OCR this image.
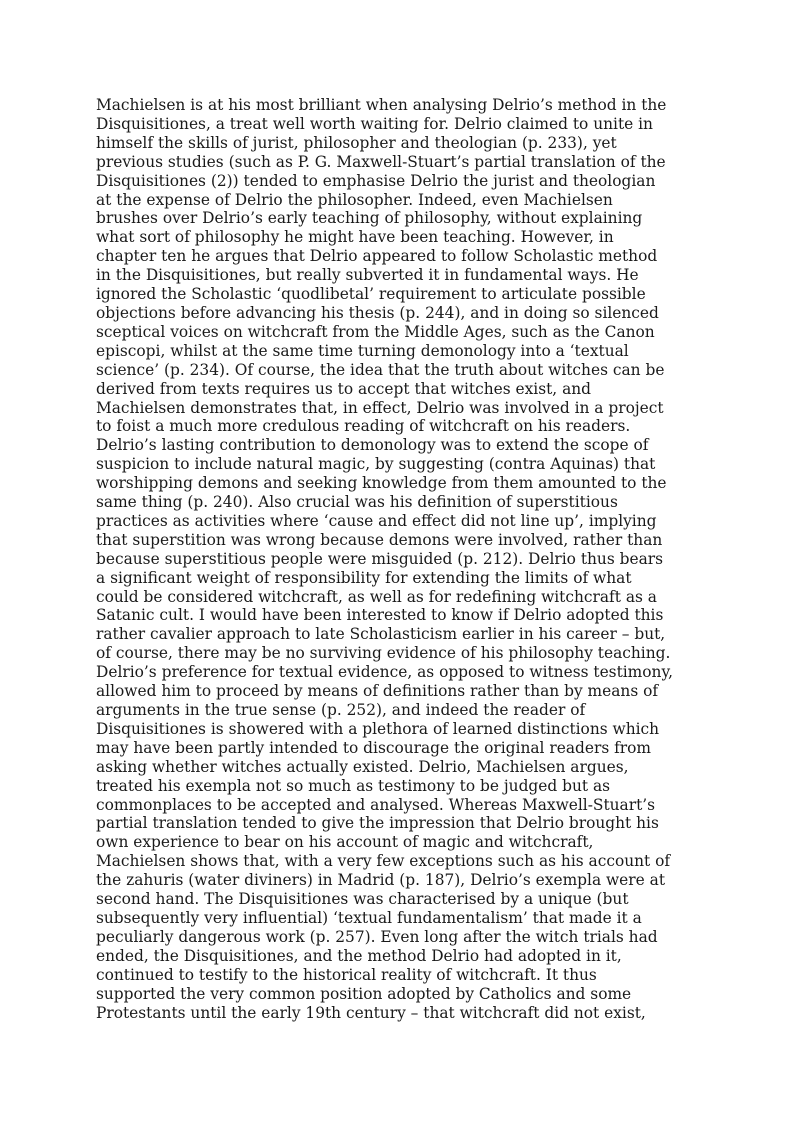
Machielsen is at his most brilliant when analysing Delrio’s method in the
Disquisitiones, a treat well worth waiting for. Delrio claimed to unite in
himself the skills of jurist, philosopher and theologian (p. 233), yet
previous studies (such as P. G. Maxwell-Stuart’s partial translation of the
Disquisitiones (2)) tended to emphasise Delrio the jurist and theologian
at the expense of Delrio the philosopher. Indeed, even Machielsen
brushes over Delrio’s early teaching of philosophy, without explaining
what sort of philosophy he might have been teaching. However, in
chapter ten he argues that Delrio appeared to follow Scholastic method
in the Disquisitiones, but really subverted it in fundamental ways. He
ignored the Scholastic ‘quodlibetal’ requirement to articulate possible
objections before advancing his thesis (p. 244), and in doing so silenced
sceptical voices on witchcraft from the Middle Ages, such as the Canon
episcopi, whilst at the same time turning demonology into a ‘textual
science’ (p. 234). Of course, the idea that the truth about witches can be
derived from texts requires us to accept that witches exist, and
Machielsen demonstrates that, in effect, Delrio was involved in a project
to foist a much more credulous reading of witchcraft on his readers.
Delrio’s lasting contribution to demonology was to extend the scope of
suspicion to include natural magic, by suggesting (contra Aquinas) that
worshipping demons and seeking knowledge from them amounted to the
same thing (p. 240). Also crucial was his definition of superstitious
practices as activities where ‘cause and effect did not line up’, implying
that superstition was wrong because demons were involved, rather than
because superstitious people were misguided (p. 212). Delrio thus bears
a significant weight of responsibility for extending the limits of what
could be considered witchcraft, as well as for redefining witchcraft as a
Satanic cult. I would have been interested to know if Delrio adopted this
rather cavalier approach to late Scholasticism earlier in his career – but,
of course, there may be no surviving evidence of his philosophy teaching.
Delrio’s preference for textual evidence, as opposed to witness testimony,
allowed him to proceed by means of definitions rather than by means of
arguments in the true sense (p. 252), and indeed the reader of
Disquisitiones is showered with a plethora of learned distinctions which
may have been partly intended to discourage the original readers from
asking whether witches actually existed. Delrio, Machielsen argues,
treated his exempla not so much as testimony to be judged but as
commonplaces to be accepted and analysed. Whereas Maxwell-Stuart’s
partial translation tended to give the impression that Delrio brought his
own experience to bear on his account of magic and witchcraft,
Machielsen shows that, with a very few exceptions such as his account of
the zahuris (water diviners) in Madrid (p. 187), Delrio’s exempla were at
second hand. The Disquisitiones was characterised by a unique (but
subsequently very influential) ‘textual fundamentalism’ that made it a
peculiarly dangerous work (p. 257). Even long after the witch trials had
ended, the Disquisitiones, and the method Delrio had adopted in it,
continued to testify to the historical reality of witchcraft. It thus
supported the very common position adopted by Catholics and some
Protestants until the early 19th century – that witchcraft did not exist,
